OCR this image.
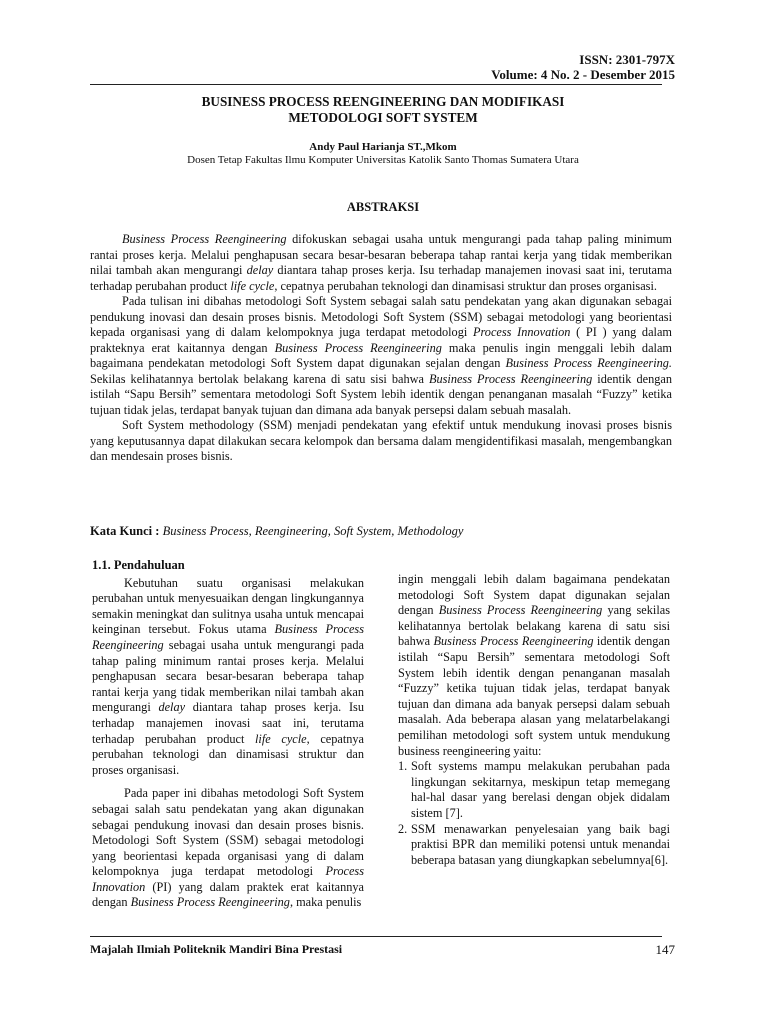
ISSN: 2301-797X
Volume: 4 No. 2 - Desember 2015
BUSINESS PROCESS REENGINEERING DAN MODIFIKASI
METODOLOGI SOFT SYSTEM
Andy Paul Harianja ST.,Mkom
Dosen Tetap Fakultas Ilmu Komputer Universitas Katolik Santo Thomas Sumatera Utara
ABSTRAKSI

Business Process Reengineering difokuskan sebagai usaha untuk mengurangi pada tahap paling minimum rantai proses kerja. Melalui penghapusan secara besar-besaran beberapa tahap rantai kerja yang tidak memberikan nilai tambah akan mengurangi delay diantara tahap proses kerja. Isu terhadap manajemen inovasi saat ini, terutama terhadap perubahan product life cycle, cepatnya perubahan teknologi dan dinamisasi struktur dan proses organisasi.

Pada tulisan ini dibahas metodologi Soft System sebagai salah satu pendekatan yang akan digunakan sebagai pendukung inovasi dan desain proses bisnis. Metodologi Soft System (SSM) sebagai metodologi yang beorientasi kepada organisasi yang di dalam kelompoknya juga terdapat metodologi Process Innovation ( PI ) yang dalam prakteknya erat kaitannya dengan Business Process Reengineering maka penulis ingin menggali lebih dalam bagaimana pendekatan metodologi Soft System dapat digunakan sejalan dengan Business Process Reengineering. Sekilas kelihatannya bertolak belakang karena di satu sisi bahwa Business Process Reengineering identik dengan istilah “Sapu Bersih” sementara metodologi Soft System lebih identik dengan penanganan masalah “Fuzzy” ketika tujuan tidak jelas, terdapat banyak tujuan dan dimana ada banyak persepsi dalam sebuah masalah.

Soft System methodology (SSM) menjadi pendekatan yang efektif untuk mendukung inovasi proses bisnis yang keputusannya dapat dilakukan secara kelompok dan bersama dalam mengidentifikasi masalah, mengembangkan dan mendesain proses bisnis.

Kata Kunci : Business Process, Reengineering, Soft System, Methodology

1.1. Pendahuluan

Kebutuhan suatu organisasi melakukan perubahan untuk menyesuaikan dengan lingkungannya semakin meningkat dan sulitnya usaha untuk mencapai keinginan tersebut. Fokus utama Business Process Reengineering sebagai usaha untuk mengurangi pada tahap paling minimum rantai proses kerja. Melalui penghapusan secara besar-besaran beberapa tahap rantai kerja yang tidak memberikan nilai tambah akan mengurangi delay diantara tahap proses kerja. Isu terhadap manajemen inovasi saat ini, terutama terhadap perubahan product life cycle, cepatnya perubahan teknologi dan dinamisasi struktur dan proses organisasi.

Pada paper ini dibahas metodologi Soft System sebagai salah satu pendekatan yang akan digunakan sebagai pendukung inovasi dan desain proses bisnis. Metodologi Soft System (SSM) sebagai metodologi yang beorientasi kepada organisasi yang di dalam kelompoknya juga terdapat metodologi Process Innovation (PI) yang dalam praktek erat kaitannya dengan Business Process Reengineering, maka penulis

ingin menggali lebih dalam bagaimana pendekatan metodologi Soft System dapat digunakan sejalan dengan Business Process Reengineering yang sekilas kelihatannya bertolak belakang karena di satu sisi bahwa Business Process Reengineering identik dengan istilah “Sapu Bersih” sementara metodologi Soft System lebih identik dengan penanganan masalah “Fuzzy” ketika tujuan tidak jelas, terdapat banyak tujuan dan dimana ada banyak persepsi dalam sebuah masalah. Ada beberapa alasan yang melatarbelakangi pemilihan metodologi soft system untuk mendukung business reengineering yaitu:

1. Soft systems mampu melakukan perubahan pada lingkungan sekitarnya, meskipun tetap memegang hal-hal dasar yang berelasi dengan objek didalam sistem [7].
2. SSM menawarkan penyelesaian yang baik bagi praktisi BPR dan memiliki potensi untuk menandai beberapa batasan yang diungkapkan sebelumnya[6].
Majalah Ilmiah Politeknik Mandiri Bina Prestasi	147
